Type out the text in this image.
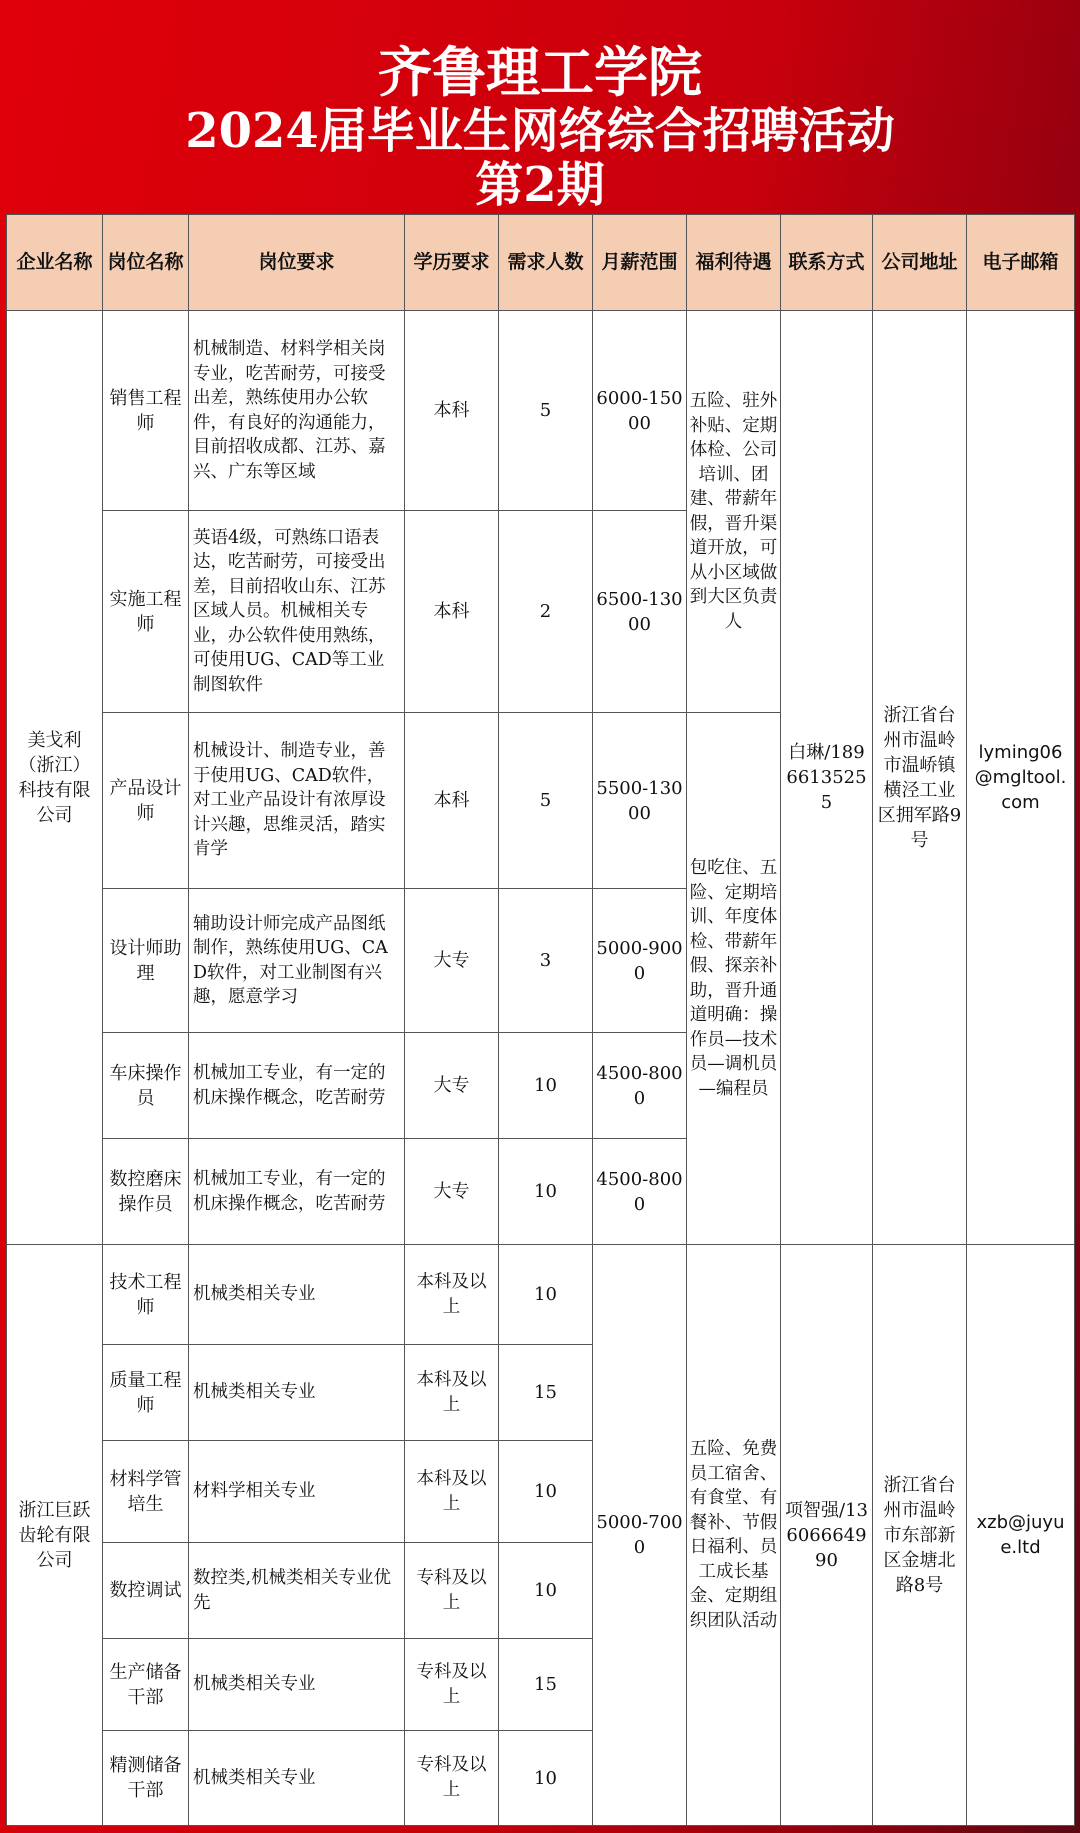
齐鲁理工学院
2024届毕业生网络综合招聘活动
第2期
企业名称	岗位名称	岗位要求	学历要求	需求人数	月薪范围	福利待遇	联系方式	公司地址	电子邮箱
美戈利（浙江）科技有限公司	销售工程师	机械制造、材料学相关岗专业，吃苦耐劳，可接受出差，熟练使用办公软件，有良好的沟通能力，目前招收成都、江苏、嘉兴、广东等区域	本科	5	6000-15000	五险、驻外补贴、定期体检、公司培训、团建、带薪年假，晋升渠道开放，可从小区域做到大区负责人	白琳/18966135255	浙江省台州市温岭市温峤镇横泾工业区拥军路9号	lyming06@mgltool.com
	实施工程师	英语4级，可熟练口语表达，吃苦耐劳，可接受出差，目前招收山东、江苏区域人员。机械相关专业，办公软件使用熟练，可使用UG、CAD等工业制图软件	本科	2	6500-13000				
	产品设计师	机械设计、制造专业，善于使用UG、CAD软件，对工业产品设计有浓厚设计兴趣，思维灵活，踏实肯学	本科	5	5500-13000	包吃住、五险、定期培训、年度体检、带薪年假、探亲补助，晋升通道明确：操作员—技术员—调机员—编程员			
	设计师助理	辅助设计师完成产品图纸制作，熟练使用UG、CAD软件，对工业制图有兴趣，愿意学习	大专	3	5000-9000				
	车床操作员	机械加工专业，有一定的机床操作概念，吃苦耐劳	大专	10	4500-8000				
	数控磨床操作员	机械加工专业，有一定的机床操作概念，吃苦耐劳	大专	10	4500-8000				
浙江巨跃齿轮有限公司	技术工程师	机械类相关专业	本科及以上	10	5000-7000	五险、免费员工宿舍、有食堂、有餐补、节假日福利、员工成长基金、定期组织团队活动	项智强/13606664990	浙江省台州市温岭市东部新区金塘北路8号	xzb@juyue.ltd
	质量工程师	机械类相关专业	本科及以上	15					
	材料学管培生	材料学相关专业	本科及以上	10					
	数控调试	数控类,机械类相关专业优先	专科及以上	10					
	生产储备干部	机械类相关专业	专科及以上	15					
	精测储备干部	机械类相关专业	专科及以上	10					
